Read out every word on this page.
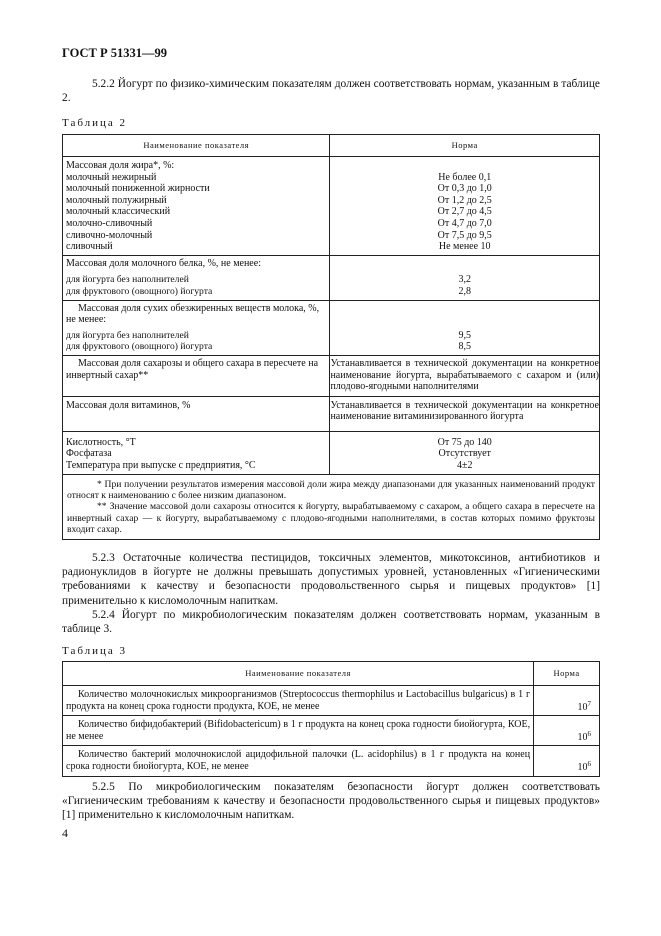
ГОСТ Р 51331—99
5.2.2 Йогурт по физико-химическим показателям должен соответствовать нормам, указанным в таблице 2.
Таблица 2
Наименование показателя	Норма
Массовая доля жира*, %:	
молочный нежирный	Не более 0,1
молочный пониженной жирности	От 0,3 до 1,0
молочный полужирный	От 1,2 до 2,5
молочный классический	От 2,7 до 4,5
молочно-сливочный	От 4,7 до 7,0
сливочно-молочный	От 7,5 до 9,5
сливочный	Не менее 10
Массовая доля молочного белка, %, не менее:	
для йогурта без наполнителей	3,2
для фруктового (овощного) йогурта	2,8
Массовая доля сухих обезжиренных веществ молока, %, не менее:	
для йогурта без наполнителей	9,5
для фруктового (овощного) йогурта	8,5
Массовая доля сахарозы и общего сахара в пересчете на инвертный сахар**	Устанавливается в технической документации на конкретное наименование йогурта, вырабатываемого с сахаром и (или) плодово-ягодными наполнителями
Массовая доля витаминов, %	Устанавливается в технической документации на конкретное наименование витаминизированного йогурта
Кислотность, °Т	От 75 до 140
Фосфатаза	Отсутствует
Температура при выпуске с предприятия, °С	4±2

* При получении результатов измерения массовой доли жира между диапазонами для указанных наименований продукт относят к наименованию с более низким диапазоном.

** Значение массовой доли сахарозы относится к йогурту, вырабатываемому с сахаром, а общего сахара в пересчете на инвертный сахар — к йогурту, вырабатываемому с плодово-ягодными наполнителями, в состав которых помимо фруктозы входит сахар.	

5.2.3 Остаточные количества пестицидов, токсичных элементов, микотоксинов, антибиотиков и радионуклидов в йогурте не должны превышать допустимых уровней, установленных «Гигиеническими требованиями к качеству и безопасности продовольственного сырья и пищевых продуктов» [1] применительно к кисломолочным напиткам.
5.2.4 Йогурт по микробиологическим показателям должен соответствовать нормам, указанным в таблице 3.
Таблица 3
Наименование показателя	Норма
Количество молочнокислых микроорганизмов (Streptococcus thermophilus и Lactobacillus bulgaricus) в 1 г продукта на конец срока годности продукта, КОЕ, не менее	$10^7$
Количество бифидобактерий (Bifidobactericum) в 1 г продукта на конец срока годности биойогурта, КОЕ, не менее	$10^6$
Количество бактерий молочнокислой ацидофильной палочки (L. acidophilus) в 1 г продукта на конец срока годности биойогурта, КОЕ, не менее	$10^6$
5.2.5 По микробиологическим показателям безопасности йогурт должен соответствовать «Гигиеническим требованиям к качеству и безопасности продовольственного сырья и пищевых продуктов» [1] применительно к кисломолочным напиткам.
4
